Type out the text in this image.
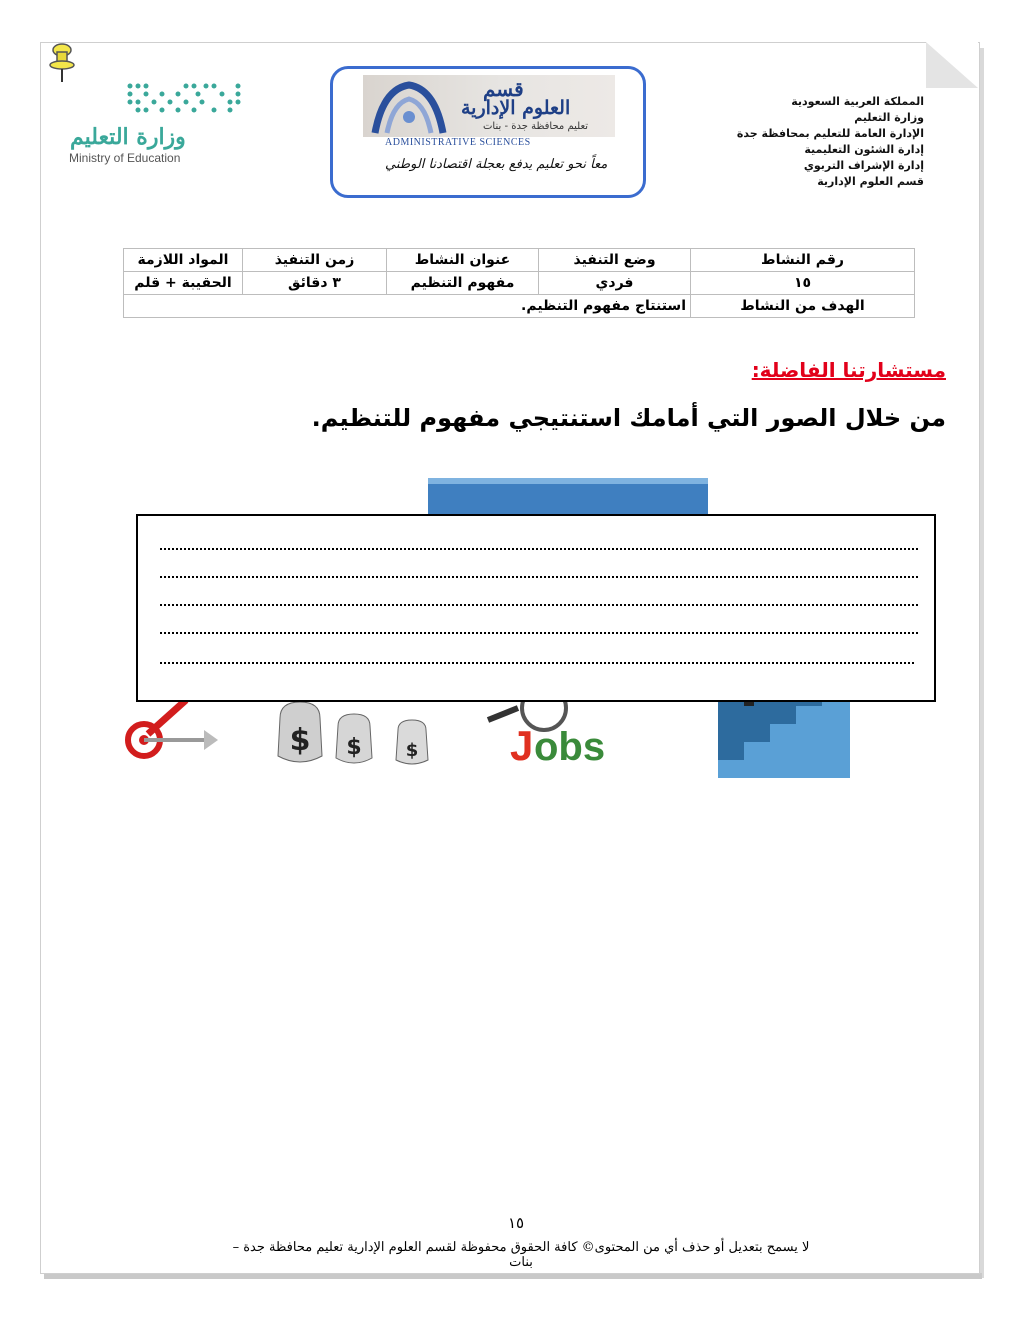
وزارة التعليم
Ministry of Education
قسم
العلوم الإدارية
تعليم محافظة جدة - بنات
ADMINISTRATIVE SCIENCES
معاً نحو تعليم يدفع بعجلة اقتصادنا الوطني
المملكة العربية السعودية
وزارة التعليم
الإدارة العامة للتعليم بمحافظة جدة
إدارة الشئون التعليمية
إدارة الإشراف التربوي
قسم العلوم الإدارية
رقم النشاط	وضع التنفيذ	عنوان النشاط	زمن التنفيذ	المواد اللازمة
١٥	فردي	مفهوم التنظيم	٣ دقائق	الحقيبة + قلم
الهدف من النشاط	استنتاج مفهوم التنظيم.			
مستشارتنا الفاضلة:
من خلال الصور التي أمامك استنتيجي مفهوم للتنظيم.
$ $ $ J obs
١٥
لا يسمح بتعديل أو حذف أي من المحتوى© كافة الحقوق محفوظة لقسم العلوم الإدارية تعليم محافظة جدة – بنات
